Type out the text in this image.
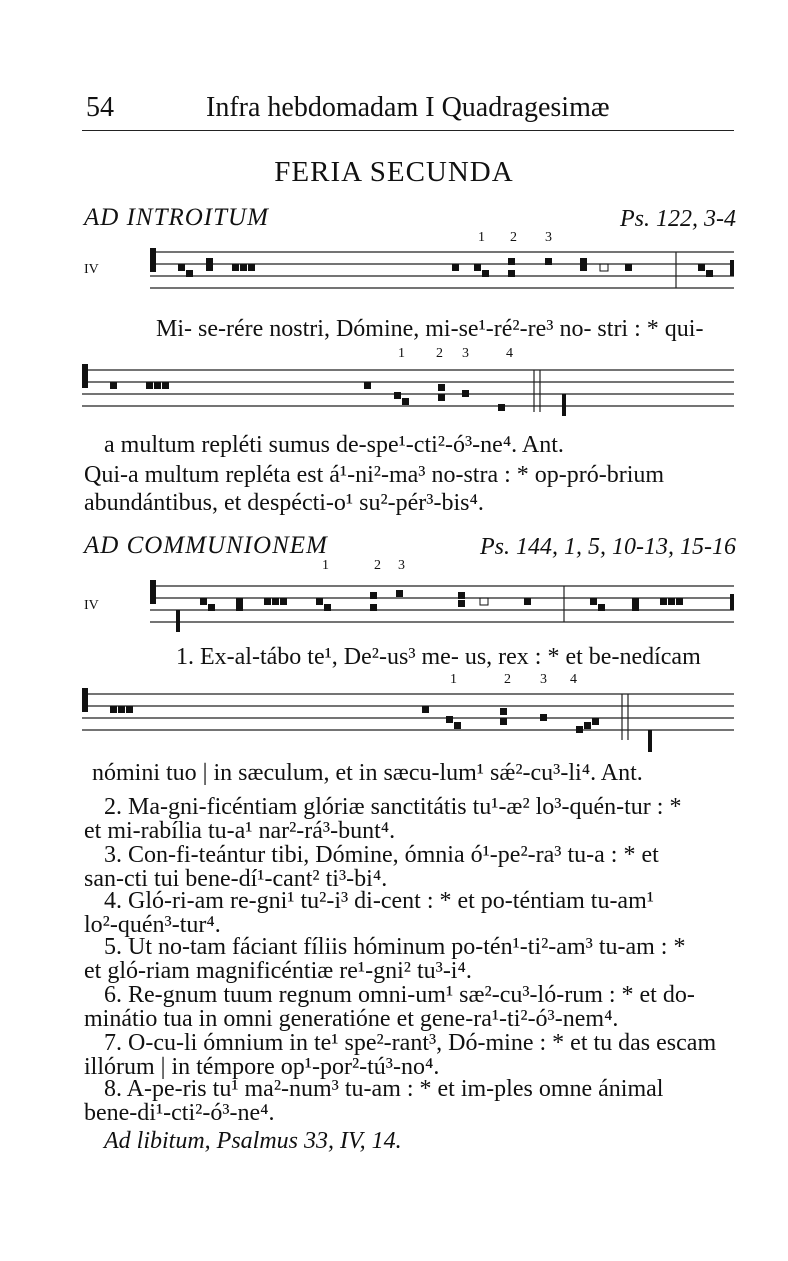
54	Infra hebdomadam I Quadragesimæ
FERIA SECUNDA
AD INTROITUM	Ps. 122, 3-4
IV
1 2 3
Mi- se-rére nostri, Dómine, mi-se¹-ré²-re³ no- stri : * qui-
1 2 3	4
a multum repléti sumus de-spe¹-cti²-ó³-ne⁴. Ant.
Qui-a multum repléta est á¹-ni²-ma³ no-stra : * op-pró-brium
abundántibus, et despécti-o¹ su²-pér³-bis⁴.
AD COMMUNIONEM	Ps. 144, 1, 5, 10-13, 15-16
IV
1	2 3
1. Ex-al-tábo te¹, De²-us³ me- us, rex : * et be-nedícam
1	2 3 4
nómini tuo | in sæculum, et in sæcu-lum¹ sǽ²-cu³-li⁴. Ant.
2. Ma-gni-ficéntiam glóriæ sanctitátis tu¹-æ² lo³-quén-tur : *
et mi-rabília tu-a¹ nar²-rá³-bunt⁴.
3. Con-fi-teántur tibi, Dómine, ómnia ó¹-pe²-ra³ tu-a : * et
san-cti tui bene-dí¹-cant² ti³-bi⁴.
4. Gló-ri-am re-gni¹ tu²-i³ di-cent : * et po-téntiam tu-am¹
lo²-quén³-tur⁴.
5. Ut no-tam fáciant fíliis hóminum po-tén¹-ti²-am³ tu-am : *
et gló-riam magnificéntiæ re¹-gni² tu³-i⁴.
6. Re-gnum tuum regnum omni-um¹ sæ²-cu³-ló-rum : * et do-
minátio tua in omni generatióne et gene-ra¹-ti²-ó³-nem⁴.
7. O-cu-li ómnium in te¹ spe²-rant³, Dó-mine : * et tu das escam
illórum | in témpore op¹-por²-tú³-no⁴.
8. A-pe-ris tu¹ ma²-num³ tu-am : * et im-ples omne ánimal
bene-di¹-cti²-ó³-ne⁴.
Ad libitum, Psalmus 33, IV, 14.
